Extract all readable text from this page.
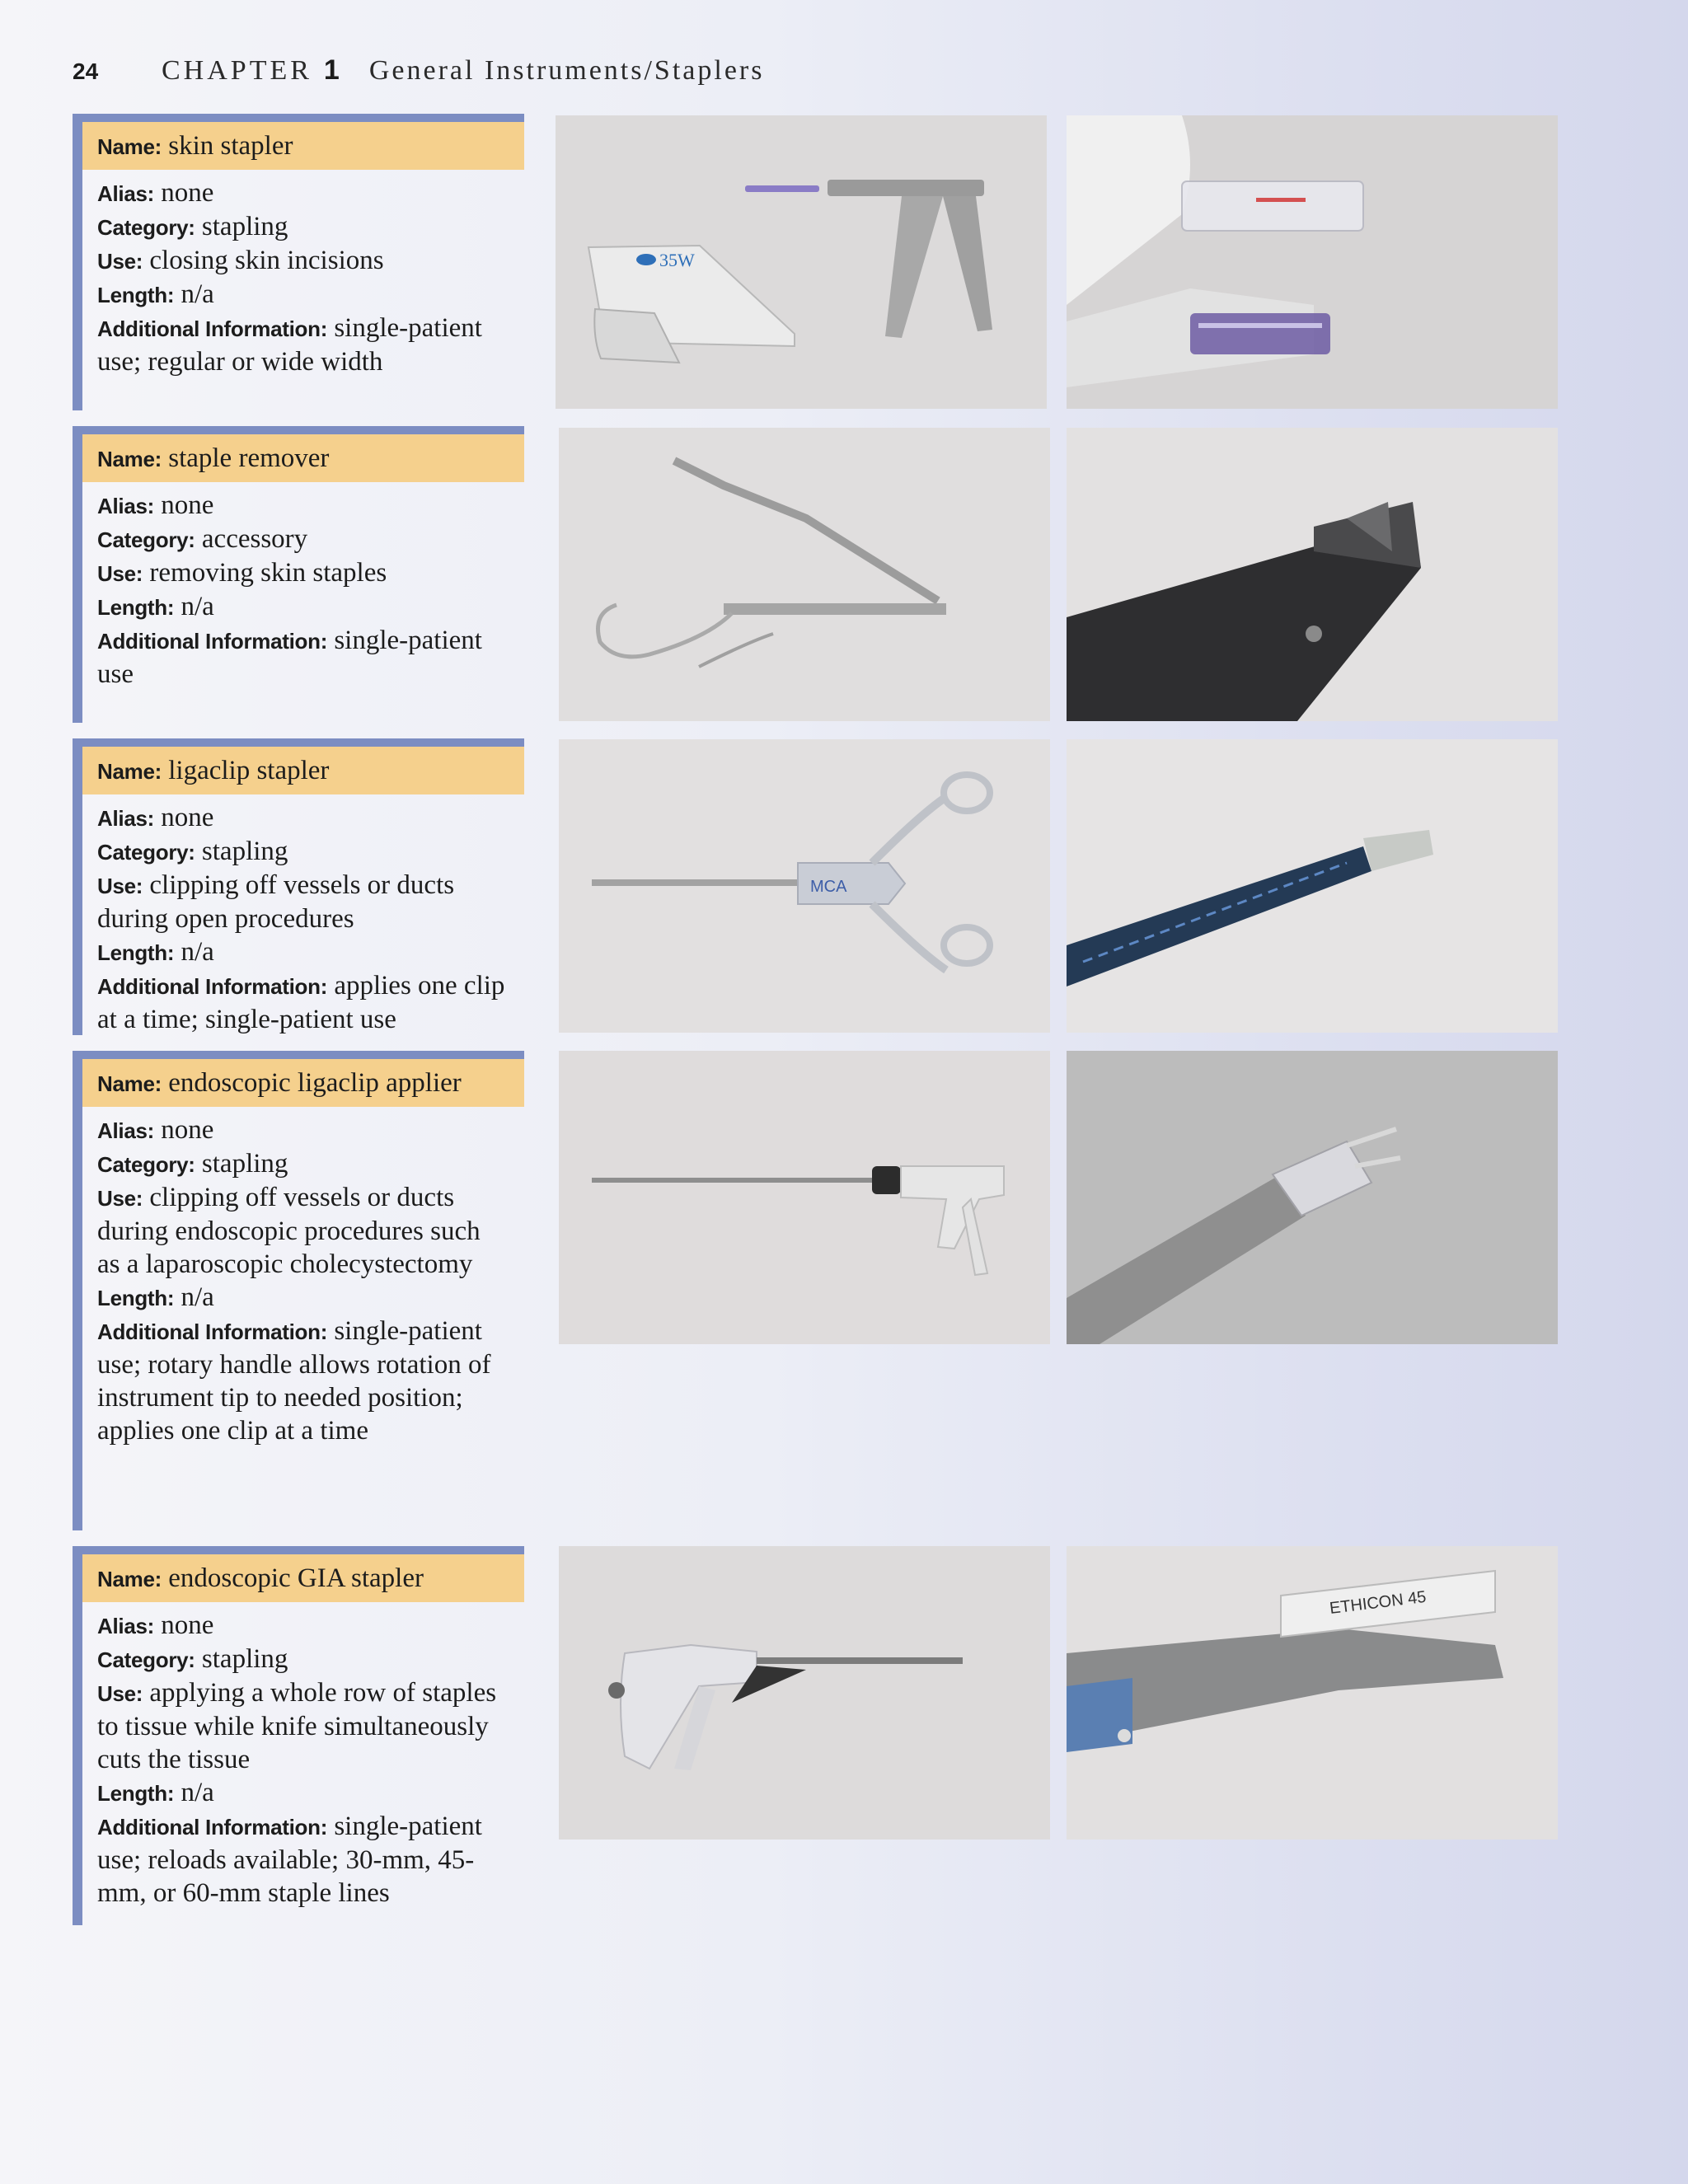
24	CHAPTER 1 General Instruments/Staplers
Name: skin stapler
Alias: none
Category: stapling
Use: closing skin incisions
Length: n/a
Additional Information: single-patient use; regular or wide width
Name: staple remover
Alias: none
Category: accessory
Use: removing skin staples
Length: n/a
Additional Information: single-patient use
Name: ligaclip stapler
Alias: none
Category: stapling
Use: clipping off vessels or ducts during open procedures
Length: n/a
Additional Information: applies one clip at a time; single-patient use
Name: endoscopic ligaclip applier
Alias: none
Category: stapling
Use: clipping off vessels or ducts during endoscopic procedures such as a laparoscopic cholecystectomy
Length: n/a
Additional Information: single-patient use; rotary handle allows rotation of instrument tip to needed position; applies one clip at a time
Name: endoscopic GIA stapler
Alias: none
Category: stapling
Use: applying a whole row of staples to tissue while knife simultaneously cuts the tissue
Length: n/a
Additional Information: single-patient use; reloads available; 30-mm, 45-mm, or 60-mm staple lines
35W
MCA
ETHICON 45
